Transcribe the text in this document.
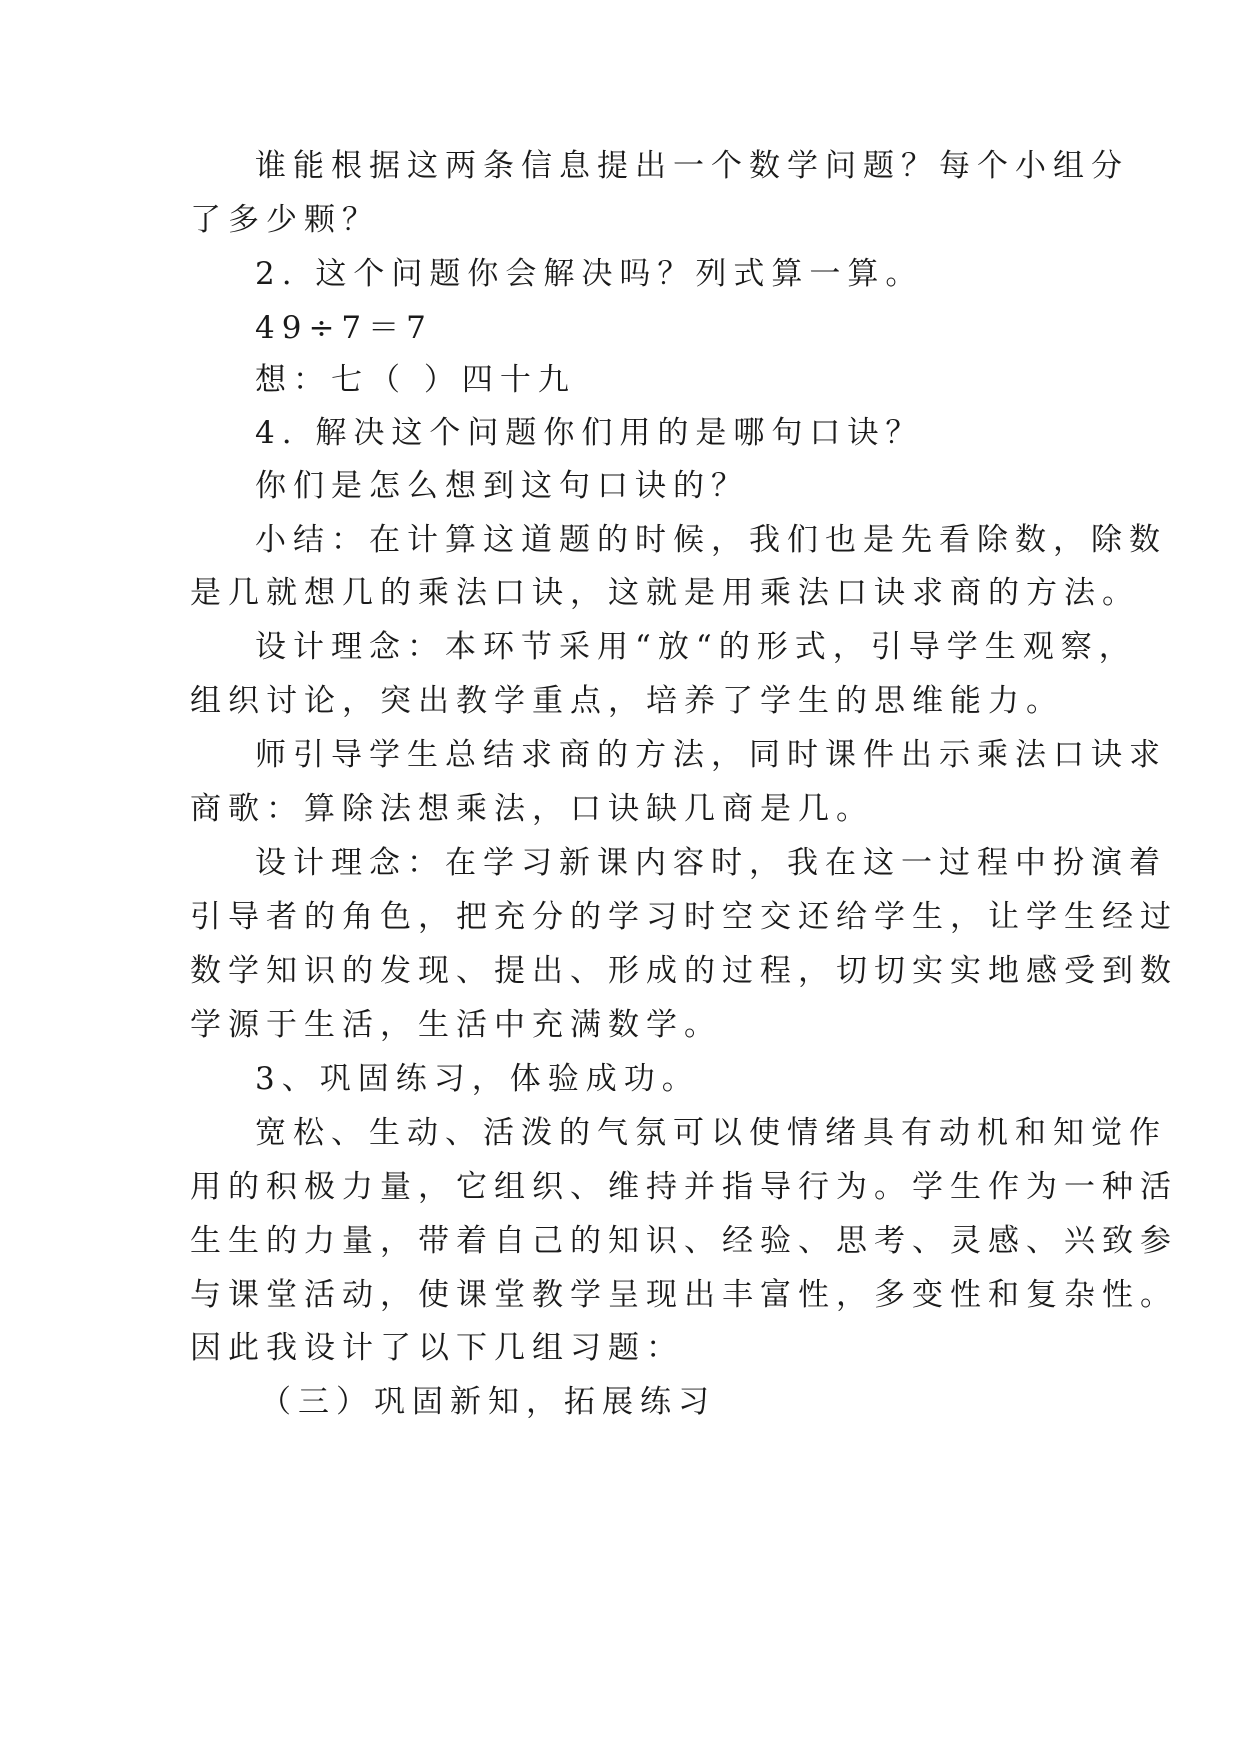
谁能根据这两条信息提出一个数学问题？每个小组分
了多少颗？
2. 这个问题你会解决吗？列式算一算。
49÷7＝7
想：七（ ）四十九
4. 解决这个问题你们用的是哪句口诀？
你们是怎么想到这句口诀的？
小结：在计算这道题的时候，我们也是先看除数，除数
是几就想几的乘法口诀，这就是用乘法口诀求商的方法。
设计理念：本环节采用“放“的形式，引导学生观察，
组织讨论，突出教学重点，培养了学生的思维能力。
师引导学生总结求商的方法，同时课件出示乘法口诀求
商歌：算除法想乘法，口诀缺几商是几。
设计理念：在学习新课内容时，我在这一过程中扮演着
引导者的角色，把充分的学习时空交还给学生，让学生经过
数学知识的发现、提出、形成的过程，切切实实地感受到数
学源于生活，生活中充满数学。
3、巩固练习，体验成功。
宽松、生动、活泼的气氛可以使情绪具有动机和知觉作
用的积极力量，它组织、维持并指导行为。学生作为一种活
生生的力量，带着自己的知识、经验、思考、灵感、兴致参
与课堂活动，使课堂教学呈现出丰富性，多变性和复杂性。
因此我设计了以下几组习题：
（三）巩固新知，拓展练习
